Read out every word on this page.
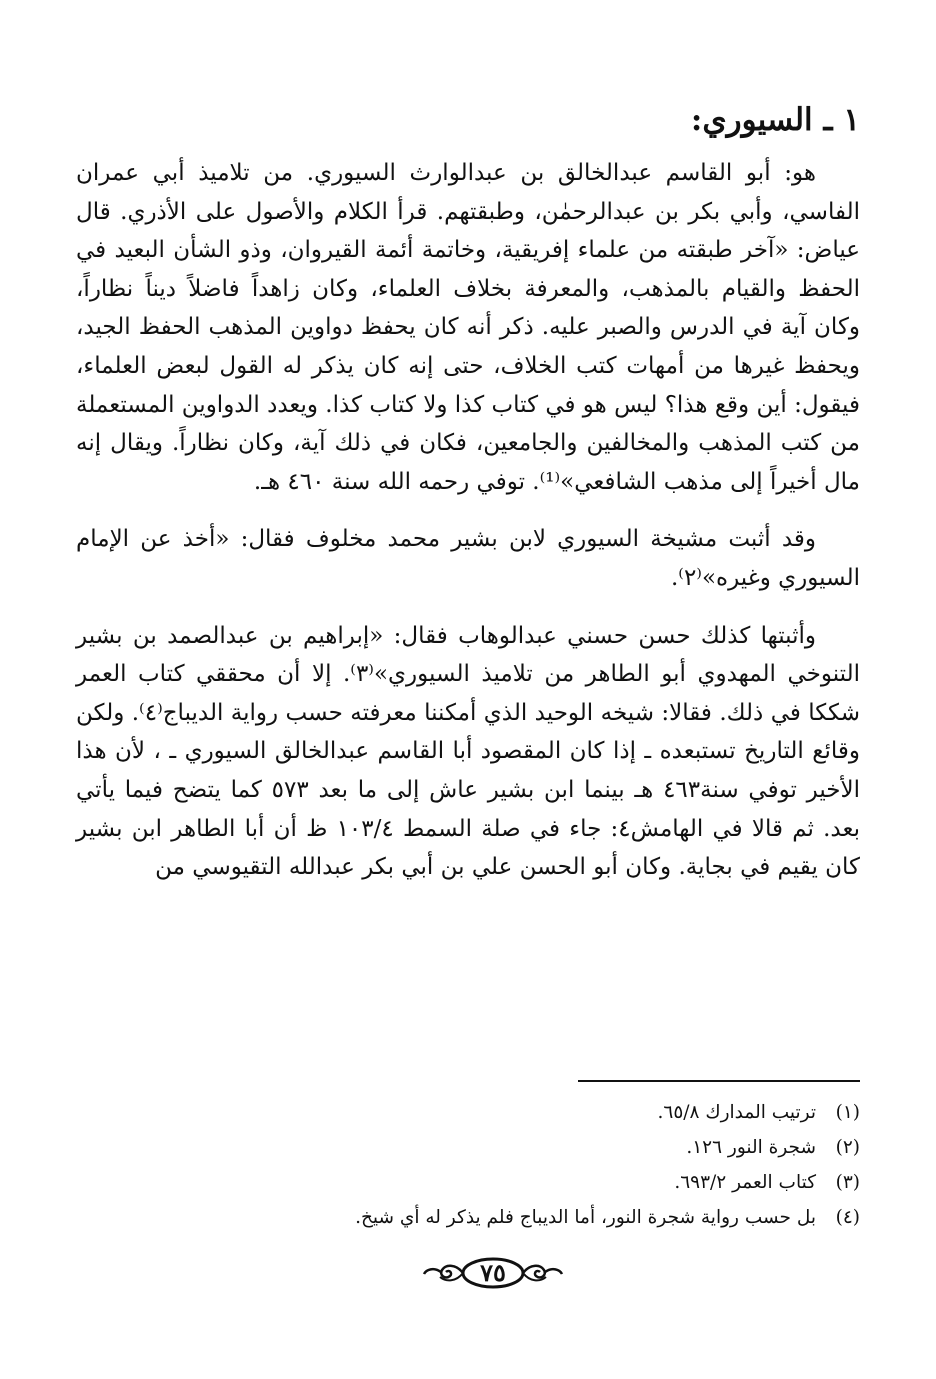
١ ـ السيوري:

هو: أبو القاسم عبدالخالق بن عبدالوارث السيوري. من تلاميذ أبي عمران الفاسي، وأبي بكر بن عبدالرحمٰن، وطبقتهم. قرأ الكلام والأصول على الأذري. قال عياض: «آخر طبقته من علماء إفريقية، وخاتمة أئمة القيروان، وذو الشأن البعيد في الحفظ والقيام بالمذهب، والمعرفة بخلاف العلماء، وكان زاهداً فاضلاً ديناً نظاراً، وكان آية في الدرس والصبر عليه. ذكر أنه كان يحفظ دواوين المذهب الحفظ الجيد، ويحفظ غيرها من أمهات كتب الخلاف، حتى إنه كان يذكر له القول لبعض العلماء، فيقول: أين وقع هذا؟ ليس هو في كتاب كذا ولا كتاب كذا. ويعدد الدواوين المستعملة من كتب المذهب والمخالفين والجامعين، فكان في ذلك آية، وكان نظاراً. ويقال إنه مال أخيراً إلى مذهب الشافعي»⁽¹⁾. توفي رحمه الله سنة ٤٦٠ هـ.

وقد أثبت مشيخة السيوري لابن بشير محمد مخلوف فقال: «أخذ عن الإمام السيوري وغيره»⁽٢⁾.

وأثبتها كذلك حسن حسني عبدالوهاب فقال: «إبراهيم بن عبدالصمد بن بشير التنوخي المهدوي أبو الطاهر من تلاميذ السيوري»⁽٣⁾. إلا أن محققي كتاب العمر شككا في ذلك. فقالا: شيخه الوحيد الذي أمكننا معرفته حسب رواية الديباج⁽٤⁾. ولكن وقائع التاريخ تستبعده ـ إذا كان المقصود أبا القاسم عبدالخالق السيوري ـ ، لأن هذا الأخير توفي سنة٤٦٣ هـ بينما ابن بشير عاش إلى ما بعد ٥٧٣ كما يتضح فيما يأتي بعد. ثم قالا في الهامش٤: جاء في صلة السمط ١٠٣/٤ ظ أن أبا الطاهر ابن بشير كان يقيم في بجاية. وكان أبو الحسن علي بن أبي بكر عبدالله التقيوسي من

(١)ترتيب المدارك ٦٥/٨.
(٢)شجرة النور ١٢٦.
(٣)كتاب العمر ٦٩٣/٢.
(٤)بل حسب رواية شجرة النور، أما الديباج فلم يذكر له أي شيخ.
٧٥
